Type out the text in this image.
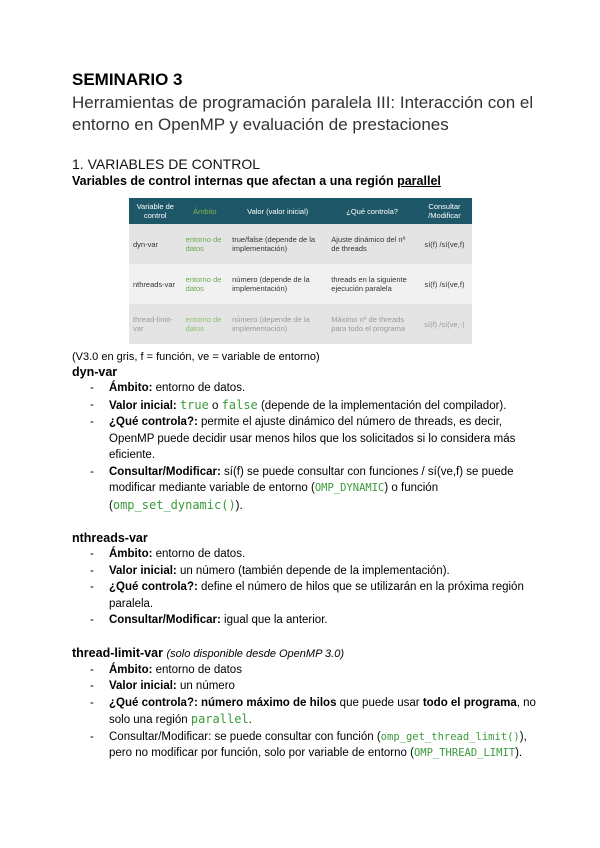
SEMINARIO 3

Herramientas de programación paralela III: Interacción con el
entorno en OpenMP y evaluación de prestaciones

1. VARIABLES DE CONTROL

Variables de control internas que afectan a una región parallel

Variable de control	Ámbito	Valor (valor inicial)	¿Qué controla?	Consultar /Modificar
dyn-var	entorno de datos	true/false (depende de la implementación)	Ajuste dinámico del nº de threads	sí(f) /sí(ve,f)
nthreads-var	entorno de datos	número (depende de la implementación)	threads en la siguiente ejecución paralela	sí(f) /sí(ve,f)
thread-limit-var	entorno de datos	número (depende de la implementación)	Máximo nº de threads para todo el programa	sí(f) /sí(ve,-)

(V3.0 en gris, f = función, ve = variable de entorno)

dyn-var

- Ámbito: entorno de datos.
- Valor inicial: true o false (depende de la implementación del compilador).
- ¿Qué controla?: permite el ajuste dinámico del número de threads, es decir, OpenMP puede decidir usar menos hilos que los solicitados si lo considera más eficiente.
- Consultar/Modificar: sí(f) se puede consultar con funciones / sí(ve,f) se puede modificar mediante variable de entorno (OMP_DYNAMIC) o función (omp_set_dynamic()).

nthreads-var

- Ámbito: entorno de datos.
- Valor inicial: un número (también depende de la implementación).
- ¿Qué controla?: define el número de hilos que se utilizarán en la próxima región paralela.
- Consultar/Modificar: igual que la anterior.

thread-limit-var (solo disponible desde OpenMP 3.0)

- Ámbito: entorno de datos
- Valor inicial: un número
- ¿Qué controla?: número máximo de hilos que puede usar todo el programa, no solo una región parallel.
- Consultar/Modificar: se puede consultar con función (omp_get_thread_limit()), pero no modificar por función, solo por variable de entorno (OMP_THREAD_LIMIT).
